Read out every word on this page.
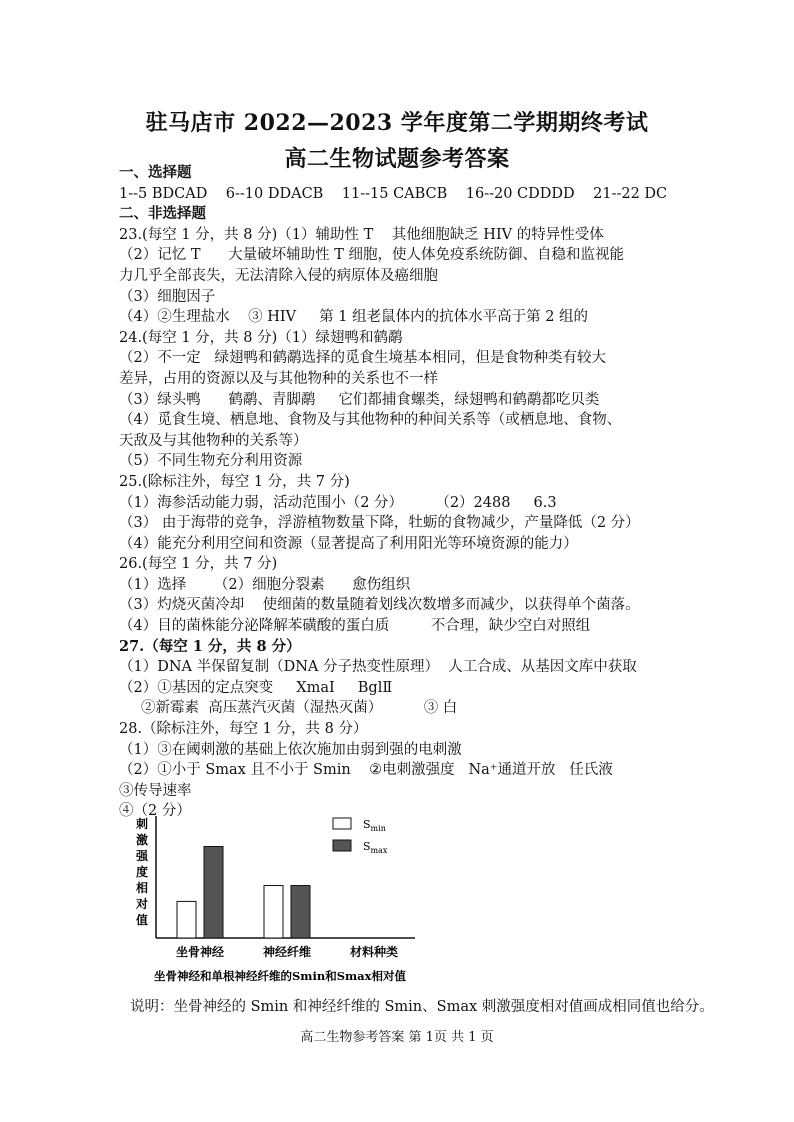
驻马店市 2022—2023 学年度第二学期期终考试
高二生物试题参考答案
一、选择题
1--5 BDCAD    6--10 DDACB    11--15 CABCB    16--20 CDDDD    21--22 DC
二、非选择题
23.(每空 1 分，共 8 分)（1）辅助性 T    其他细胞缺乏 HIV 的特异性受体
（2）记忆 T      大量破坏辅助性 T 细胞，使人体免疫系统防御、自稳和监视能
力几乎全部丧失，无法清除入侵的病原体及癌细胞
（3）细胞因子
（4）②生理盐水    ③ HIV     第 1 组老鼠体内的抗体水平高于第 2 组的
24.(每空 1 分，共 8 分)（1）绿翅鸭和鹤鹬
（2）不一定   绿翅鸭和鹤鹬选择的觅食生境基本相同，但是食物种类有较大
差异，占用的资源以及与其他物种的关系也不一样
（3）绿头鸭      鹤鹬、青脚鹬     它们都捕食螺类，绿翅鸭和鹤鹬都吃贝类
（4）觅食生境、栖息地、食物及与其他物种的种间关系等（或栖息地、食物、
天敌及与其他物种的关系等）
（5）不同生物充分利用资源
25.(除标注外，每空 1 分，共 7 分)
（1）海参活动能力弱，活动范围小（2 分）       （2）2488     6.3
（3） 由于海带的竞争，浮游植物数量下降，牡蛎的食物减少，产量降低（2 分）
（4）能充分利用空间和资源（显著提高了利用阳光等环境资源的能力）
26.(每空 1 分，共 7 分)
（1）选择      （2）细胞分裂素      愈伤组织
（3）灼烧灭菌冷却    使细菌的数量随着划线次数增多而减少，以获得单个菌落。
（4）目的菌株能分泌降解苯磺酸的蛋白质         不合理，缺少空白对照组
27.（每空 1 分，共 8 分）
（1）DNA 半保留复制（DNA 分子热变性原理）  人工合成、从基因文库中获取
（2）①基因的定点突变     XmaI     BglⅡ
②新霉素  高压蒸汽灭菌（湿热灭菌）         ③ 白
28.（除标注外，每空 1 分，共 8 分）
（1）③在阈刺激的基础上依次施加由弱到强的电刺激
（2）①小于 Smax 且不小于 Smin    ②电刺激强度   Na⁺通道开放   任氏液
③传导速率
④（2 分）
刺
激
强
度
相
对
值
坐骨神经	神经纤维	材料种类
$S_{min}$
$S_{max}$
坐骨神经和单根神经纤维的Smin和Smax相对值
说明：坐骨神经的 Smin 和神经纤维的 Smin、Smax 刺激强度相对值画成相同值也给分。
高二生物参考答案 第 1页 共 1 页
